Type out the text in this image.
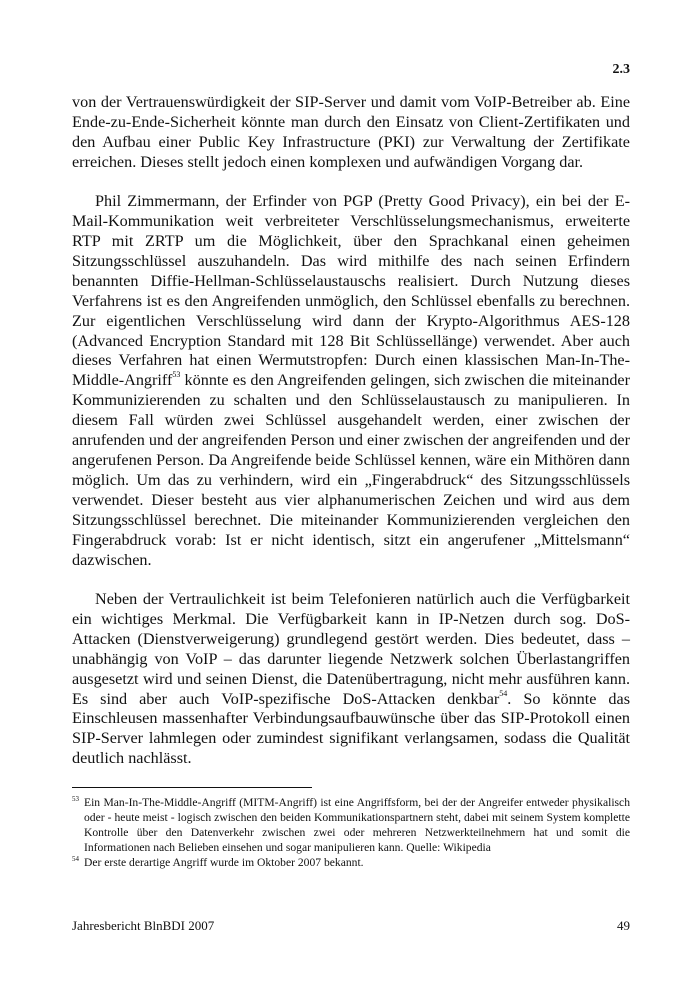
2.3

von der Vertrauenswürdigkeit der SIP-Server und damit vom VoIP-Betreiber ab. Eine Ende-zu-Ende-Sicherheit könnte man durch den Einsatz von Client-Zertifikaten und den Aufbau einer Public Key Infrastructure (PKI) zur Verwaltung der Zertifikate erreichen. Dieses stellt jedoch einen komplexen und aufwändigen Vorgang dar.

Phil Zimmermann, der Erfinder von PGP (Pretty Good Privacy), ein bei der E-Mail-Kommunikation weit verbreiteter Verschlüsselungsmechanismus, erweiterte RTP mit ZRTP um die Möglichkeit, über den Sprachkanal einen geheimen Sitzungsschlüssel auszuhandeln. Das wird mithilfe des nach seinen Erfindern benannten Diffie-Hellman-Schlüsselaustauschs realisiert. Durch Nutzung dieses Verfahrens ist es den Angreifenden unmöglich, den Schlüssel ebenfalls zu berechnen. Zur eigentlichen Verschlüsselung wird dann der Krypto-Algorithmus AES-128 (Advanced Encryption Standard mit 128 Bit Schlüssellänge) verwendet. Aber auch dieses Verfahren hat einen Wermutstropfen: Durch einen klassischen Man-In-The-Middle-Angriff$^{53}$ könnte es den Angreifenden gelingen, sich zwischen die miteinander Kommunizierenden zu schalten und den Schlüsselaustausch zu manipulieren. In diesem Fall würden zwei Schlüssel ausgehandelt werden, einer zwischen der anrufenden und der angreifenden Person und einer zwischen der angreifenden und der angerufenen Person. Da Angreifende beide Schlüssel kennen, wäre ein Mithören dann möglich. Um das zu verhindern, wird ein „Fingerabdruck“ des Sitzungsschlüssels verwendet. Dieser besteht aus vier alphanumerischen Zeichen und wird aus dem Sitzungsschlüssel berechnet. Die miteinander Kommunizierenden vergleichen den Fingerabdruck vorab: Ist er nicht identisch, sitzt ein angerufener „Mittelsmann“ dazwischen.

Neben der Vertraulichkeit ist beim Telefonieren natürlich auch die Verfügbarkeit ein wichtiges Merkmal. Die Verfügbarkeit kann in IP-Netzen durch sog. DoS-Attacken (Dienstverweigerung) grundlegend gestört werden. Dies bedeutet, dass – unabhängig von VoIP – das darunter liegende Netzwerk solchen Überlastangriffen ausgesetzt wird und seinen Dienst, die Datenübertragung, nicht mehr ausführen kann. Es sind aber auch VoIP-spezifische DoS-Attacken denkbar$^{54}$. So könnte das Einschleusen massenhafter Verbindungsaufbauwünsche über das SIP-Protokoll einen SIP-Server lahmlegen oder zumindest signifikant verlangsamen, sodass die Qualität deutlich nachlässt.

53 Ein Man-In-The-Middle-Angriff (MITM-Angriff) ist eine Angriffsform, bei der der Angreifer entweder physikalisch oder - heute meist - logisch zwischen den beiden Kommunikationspartnern steht, dabei mit seinem System komplette Kontrolle über den Datenverkehr zwischen zwei oder mehreren Netzwerkteilnehmern hat und somit die Informationen nach Belieben einsehen und sogar manipulieren kann. Quelle: Wikipedia
54 Der erste derartige Angriff wurde im Oktober 2007 bekannt.
Jahresbericht BlnBDI 2007	49
